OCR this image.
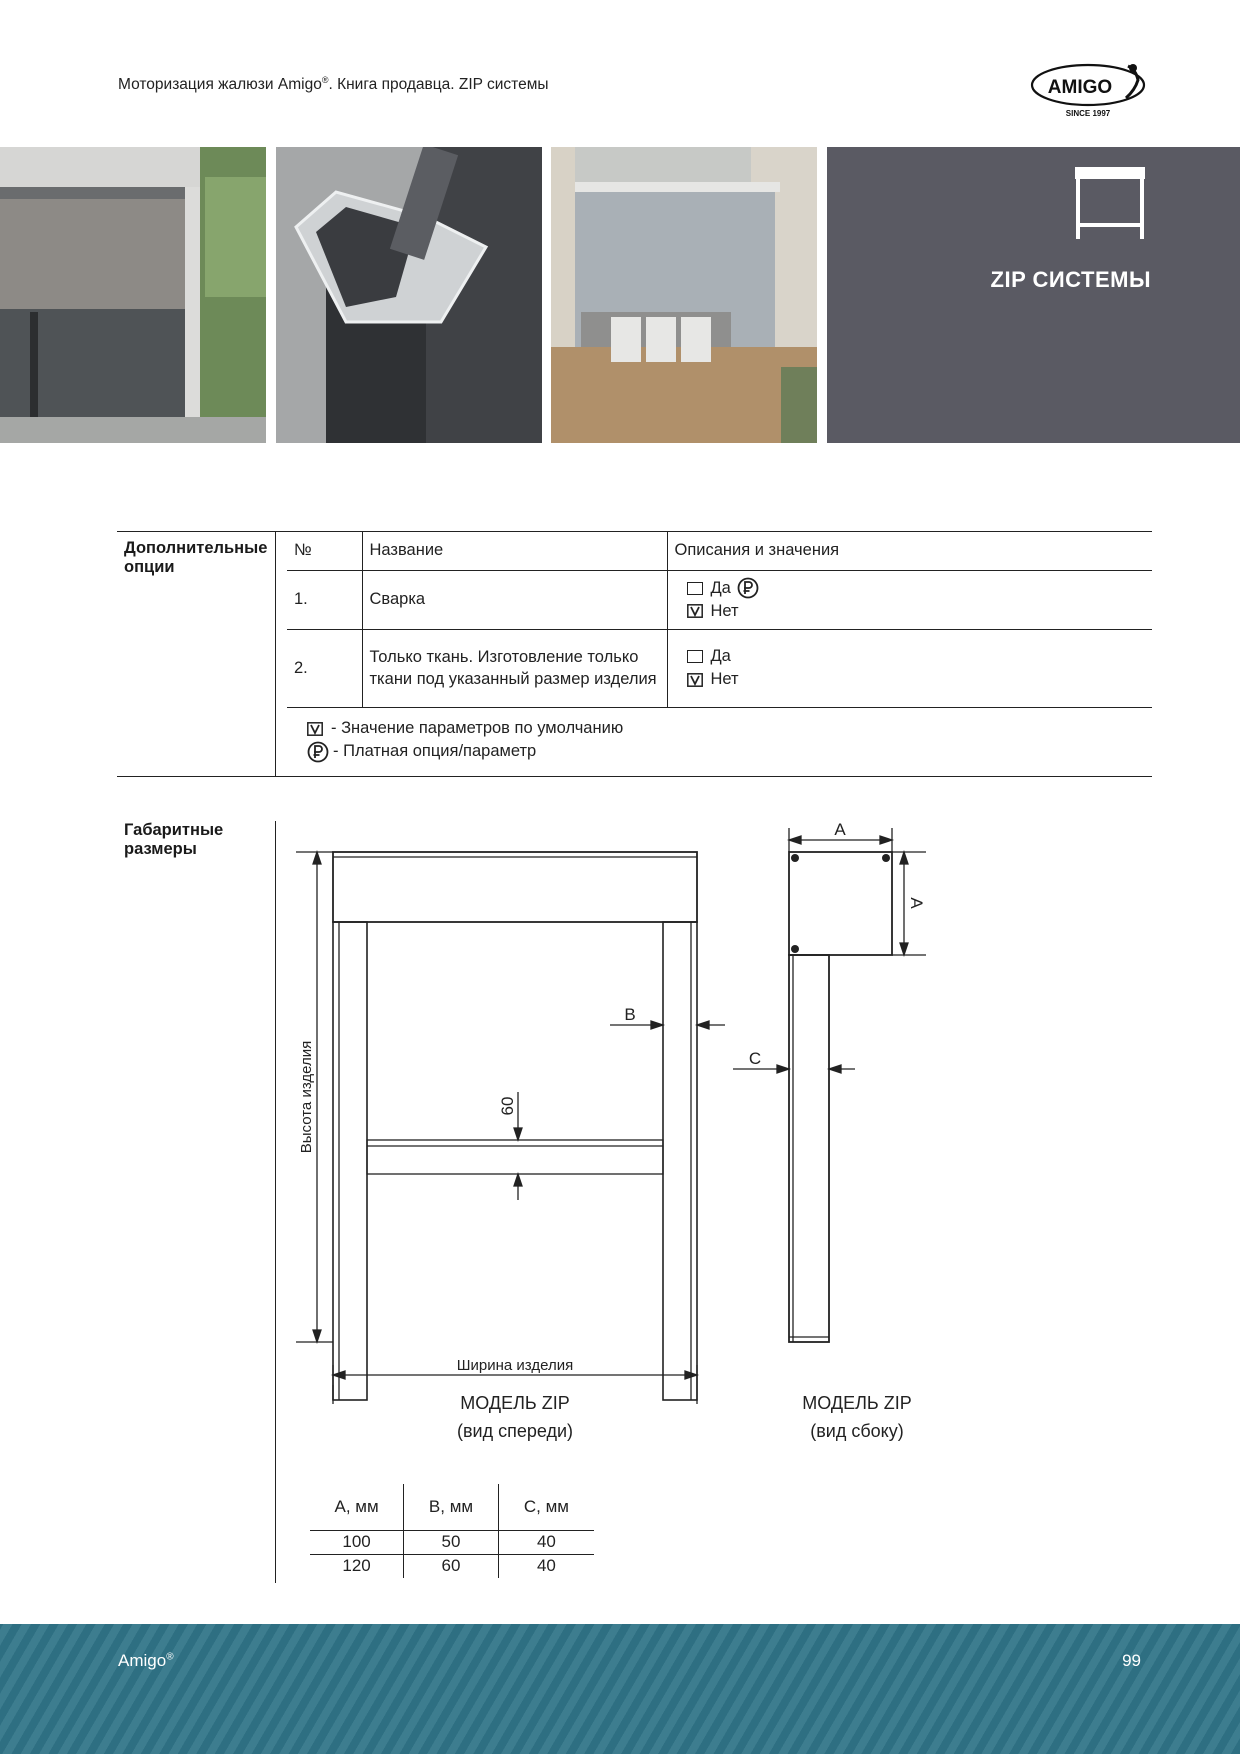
Моторизация жалюзи Amigo®. Книга продавца. ZIP системы	AMIGO
SINCE 1997
ZIP СИСТЕМЫ
Дополнительные опции
№	Название	Описания и значения
1.	Сварка	Да
Нет

2.	Только ткань. Изготовление только ткани под указанный размер изделия	Да
Нет
- Значение параметров по умолчанию
- Платная опция/параметр
Габаритные размеры
Высота изделия
Ширина изделия
B
60
A
A
C
МОДЕЛЬ ZIP
(вид спереди)
МОДЕЛЬ ZIP
(вид сбоку)
A, мм	B, мм	C, мм
100	50	40
120	60	40
Amigo®	99
